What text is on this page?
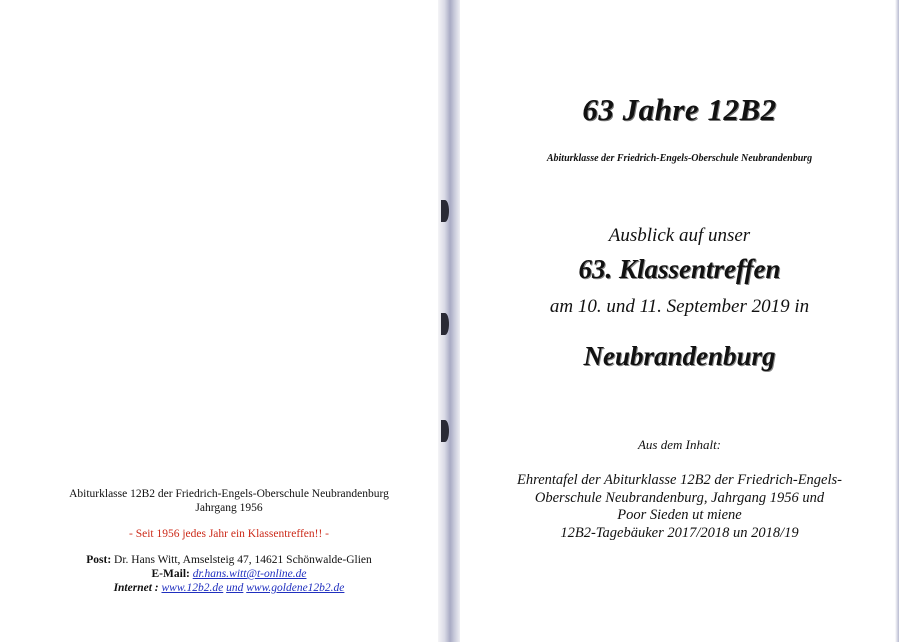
Abiturklasse 12B2 der Friedrich-Engels-Oberschule Neubrandenburg
Jahrgang 1956
- Seit 1956 jedes Jahr ein Klassentreffen!! -
Post: Dr. Hans Witt, Amselsteig 47, 14621 Schönwalde-Glien
E-Mail: dr.hans.witt@t-online.de
Internet : www.12b2.de und www.goldene12b2.de
63 Jahre 12B2
Abiturklasse der Friedrich-Engels-Oberschule Neubrandenburg
Ausblick auf unser
63. Klassentreffen
am 10. und 11. September 2019 in
Neubrandenburg
Aus dem Inhalt:
Ehrentafel der Abiturklasse 12B2 der Friedrich-Engels-
Oberschule Neubrandenburg, Jahrgang 1956 und
Poor Sieden ut miene
12B2-Tagebäuker 2017/2018 un 2018/19
